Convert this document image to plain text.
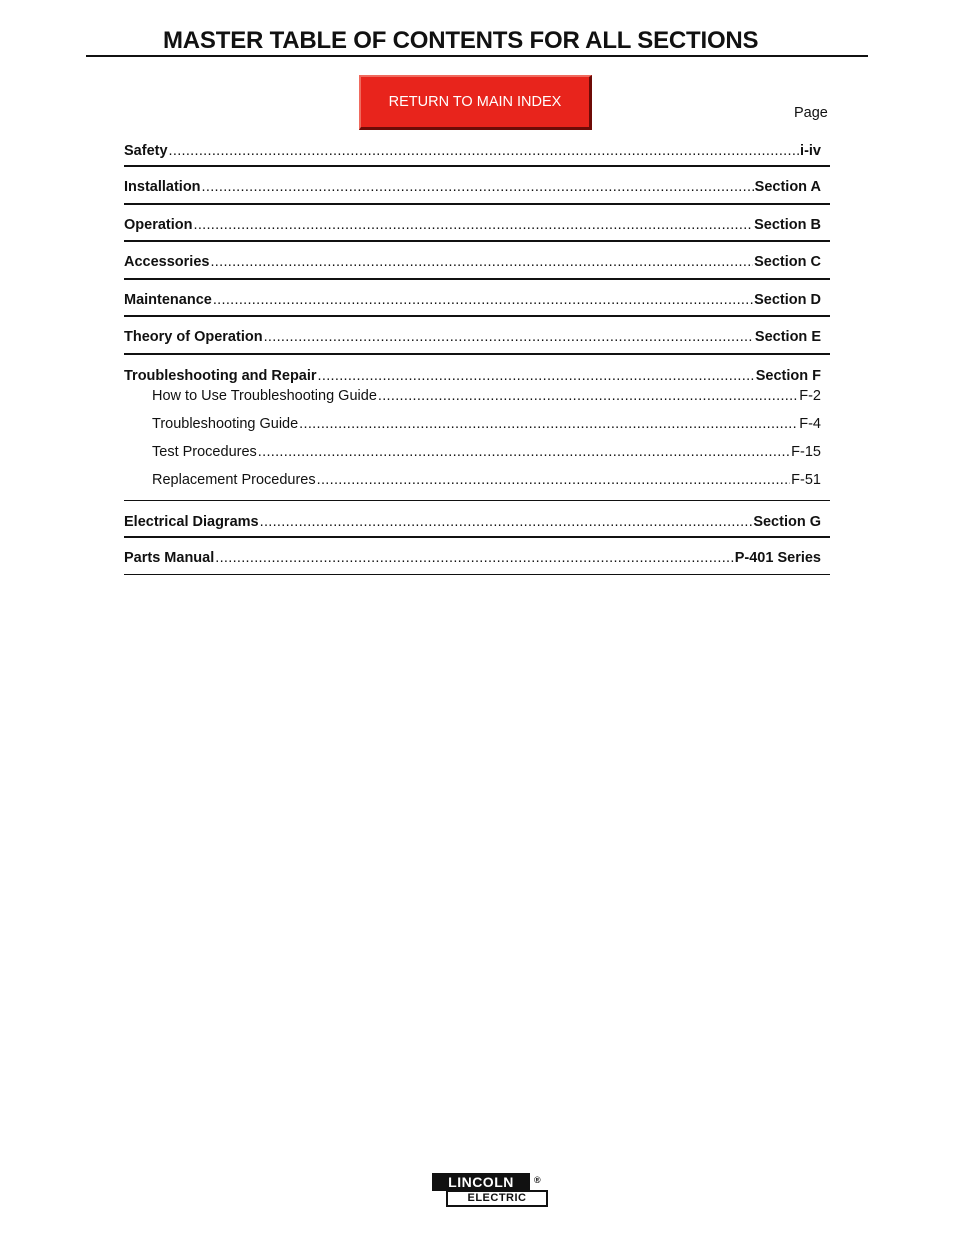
MASTER TABLE OF CONTENTS FOR ALL SECTIONS
RETURN TO MAIN INDEX
Page
Safety .....	i-iv
Installation .....	Section A
Operation .....	Section B
Accessories .....	Section C
Maintenance .....	Section D
Theory of Operation .....	Section E
Troubleshooting and Repair .....	Section F
How to Use Troubleshooting Guide .....	F-2
Troubleshooting Guide .....	F-4
Test Procedures .....	F-15
Replacement Procedures .....	F-51
Electrical Diagrams .....	Section G
Parts Manual .....	P-401 Series
LINCOLN	®
ELECTRIC
